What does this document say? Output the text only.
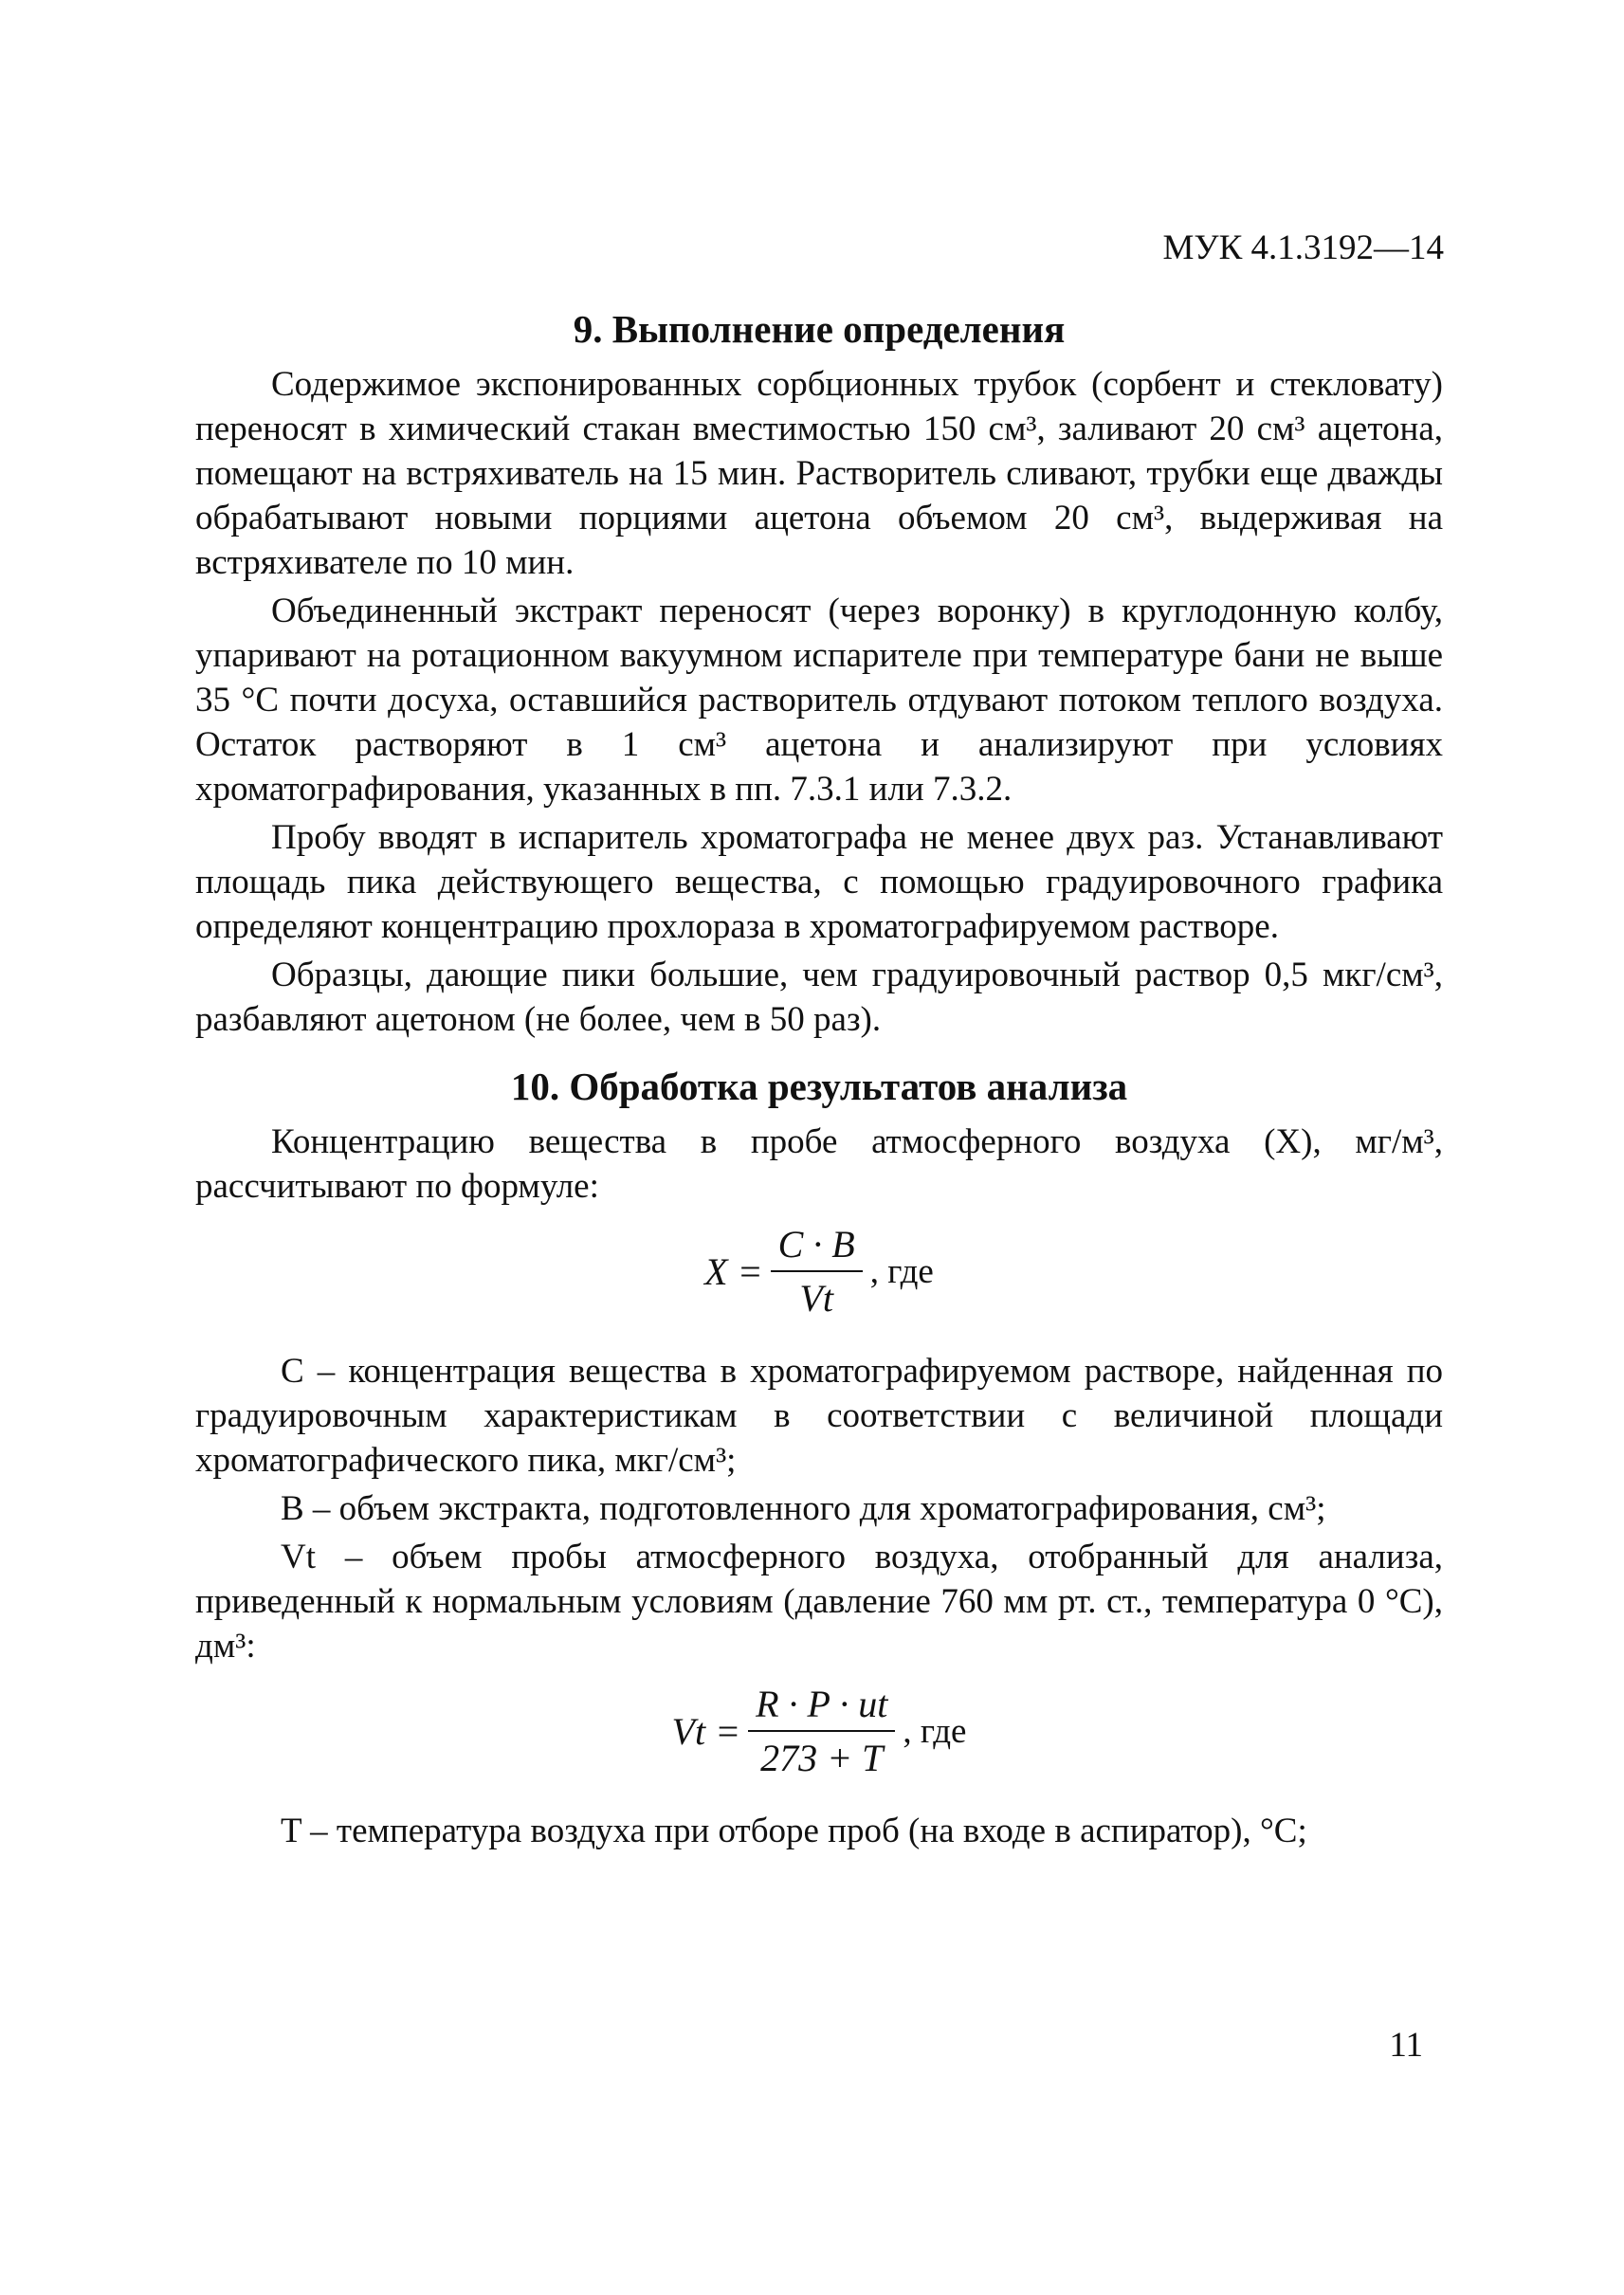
МУК 4.1.3192—14
9. Выполнение определения

Содержимое экспонированных сорбционных трубок (сорбент и стекловату) переносят в химический стакан вместимостью 150 см³, заливают 20 см³ ацетона, помещают на встряхиватель на 15 мин. Растворитель сливают, трубки еще дважды обрабатывают новыми порциями ацетона объемом 20 см³, выдерживая на встряхивателе по 10 мин.

Объединенный экстракт переносят (через воронку) в круглодонную колбу, упаривают на ротационном вакуумном испарителе при температуре бани не выше 35 °С почти досуха, оставшийся растворитель отдувают потоком теплого воздуха. Остаток растворяют в 1 см³ ацетона и анализируют при условиях хроматографирования, указанных в пп. 7.3.1 или 7.3.2.

Пробу вводят в испаритель хроматографа не менее двух раз. Устанавливают площадь пика действующего вещества, с помощью градуировочного графика определяют концентрацию прохлораза в хроматографируемом растворе.

Образцы, дающие пики большие, чем градуировочный раствор 0,5 мкг/см³, разбавляют ацетоном (не более, чем в 50 раз).

10. Обработка результатов анализа

Концентрацию вещества в пробе атмосферного воздуха (X), мг/м³, рассчитывают по формуле:

$X = \frac{C \cdot B}{Vt}$ , где

C – концентрация вещества в хроматографируемом растворе, найденная по градуировочным характеристикам в соответствии с величиной площади хроматографического пика, мкг/см³;

B – объем экстракта, подготовленного для хроматографирования, см³;

Vt – объем пробы атмосферного воздуха, отобранный для анализа, приведенный к нормальным условиям (давление 760 мм рт. ст., температура 0 °С), дм³:

$Vt = \frac{R \cdot P \cdot ut}{273 + T}$ , где

T – температура воздуха при отборе проб (на входе в аспиратор), °С;

11
